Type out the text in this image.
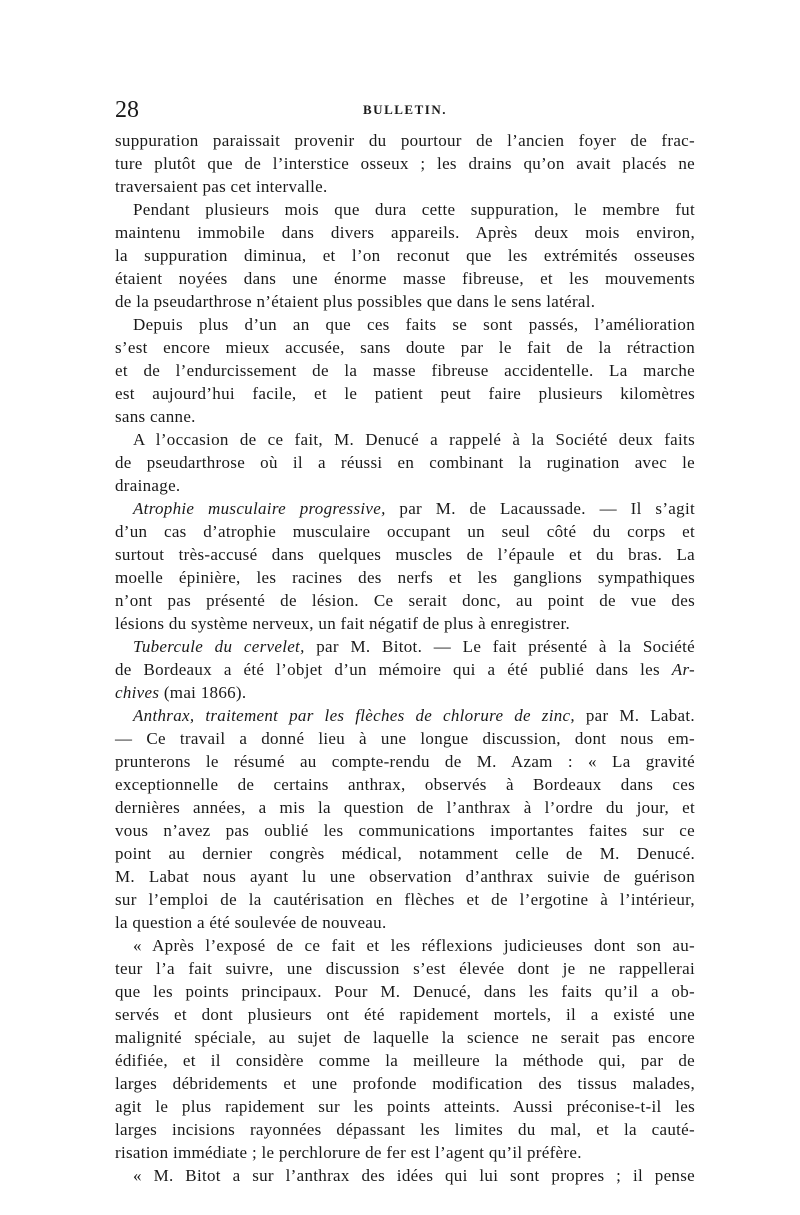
28	BULLETIN.
suppuration paraissait provenir du pourtour de l’ancien foyer de frac-
ture plutôt que de l’interstice osseux ; les drains qu’on avait placés ne
traversaient pas cet intervalle.
Pendant plusieurs mois que dura cette suppuration, le membre fut
maintenu immobile dans divers appareils. Après deux mois environ,
la suppuration diminua, et l’on reconut que les extrémités osseuses
étaient noyées dans une énorme masse fibreuse, et les mouvements
de la pseudarthrose n’étaient plus possibles que dans le sens latéral.
Depuis plus d’un an que ces faits se sont passés, l’amélioration
s’est encore mieux accusée, sans doute par le fait de la rétraction
et de l’endurcissement de la masse fibreuse accidentelle. La marche
est aujourd’hui facile, et le patient peut faire plusieurs kilomètres
sans canne.
A l’occasion de ce fait, M. Denucé a rappelé à la Société deux faits
de pseudarthrose où il a réussi en combinant la rugination avec le
drainage.
Atrophie musculaire progressive, par M. de Lacaussade. — Il s’agit
d’un cas d’atrophie musculaire occupant un seul côté du corps et
surtout très-accusé dans quelques muscles de l’épaule et du bras. La
moelle épinière, les racines des nerfs et les ganglions sympathiques
n’ont pas présenté de lésion. Ce serait donc, au point de vue des
lésions du système nerveux, un fait négatif de plus à enregistrer.
Tubercule du cervelet, par M. Bitot. — Le fait présenté à la Société
de Bordeaux a été l’objet d’un mémoire qui a été publié dans les Ar-
chives (mai 1866).
Anthrax, traitement par les flèches de chlorure de zinc, par M. Labat.
— Ce travail a donné lieu à une longue discussion, dont nous em-
prunterons le résumé au compte-rendu de M. Azam : « La gravité
exceptionnelle de certains anthrax, observés à Bordeaux dans ces
dernières années, a mis la question de l’anthrax à l’ordre du jour, et
vous n’avez pas oublié les communications importantes faites sur ce
point au dernier congrès médical, notamment celle de M. Denucé.
M. Labat nous ayant lu une observation d’anthrax suivie de guérison
sur l’emploi de la cautérisation en flèches et de l’ergotine à l’intérieur,
la question a été soulevée de nouveau.
« Après l’exposé de ce fait et les réflexions judicieuses dont son au-
teur l’a fait suivre, une discussion s’est élevée dont je ne rappellerai
que les points principaux. Pour M. Denucé, dans les faits qu’il a ob-
servés et dont plusieurs ont été rapidement mortels, il a existé une
malignité spéciale, au sujet de laquelle la science ne serait pas encore
édifiée, et il considère comme la meilleure la méthode qui, par de
larges débridements et une profonde modification des tissus malades,
agit le plus rapidement sur les points atteints. Aussi préconise-t-il les
larges incisions rayonnées dépassant les limites du mal, et la cauté-
risation immédiate ; le perchlorure de fer est l’agent qu’il préfère.
« M. Bitot a sur l’anthrax des idées qui lui sont propres ; il pense
